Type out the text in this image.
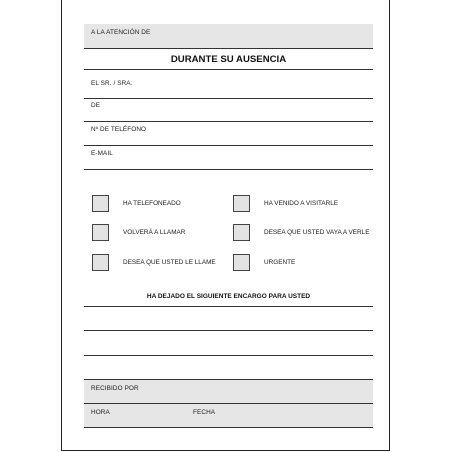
A LA ATENCIÓN DE
DURANTE SU AUSENCIA
EL SR. / SRA.
DE
Nº DE TELÉFONO
E-MAIL
HA TELEFONEADO
VOLVERÁ A LLAMAR
DESEA QUE USTED LE LLAME
HA VENIDO A VISITARLE
DESEA QUE USTED VAYA A VERLE
URGENTE
HA DEJADO EL SIGUIENTE ENCARGO PARA USTED
RECIBIDO POR
HORA	FECHA
